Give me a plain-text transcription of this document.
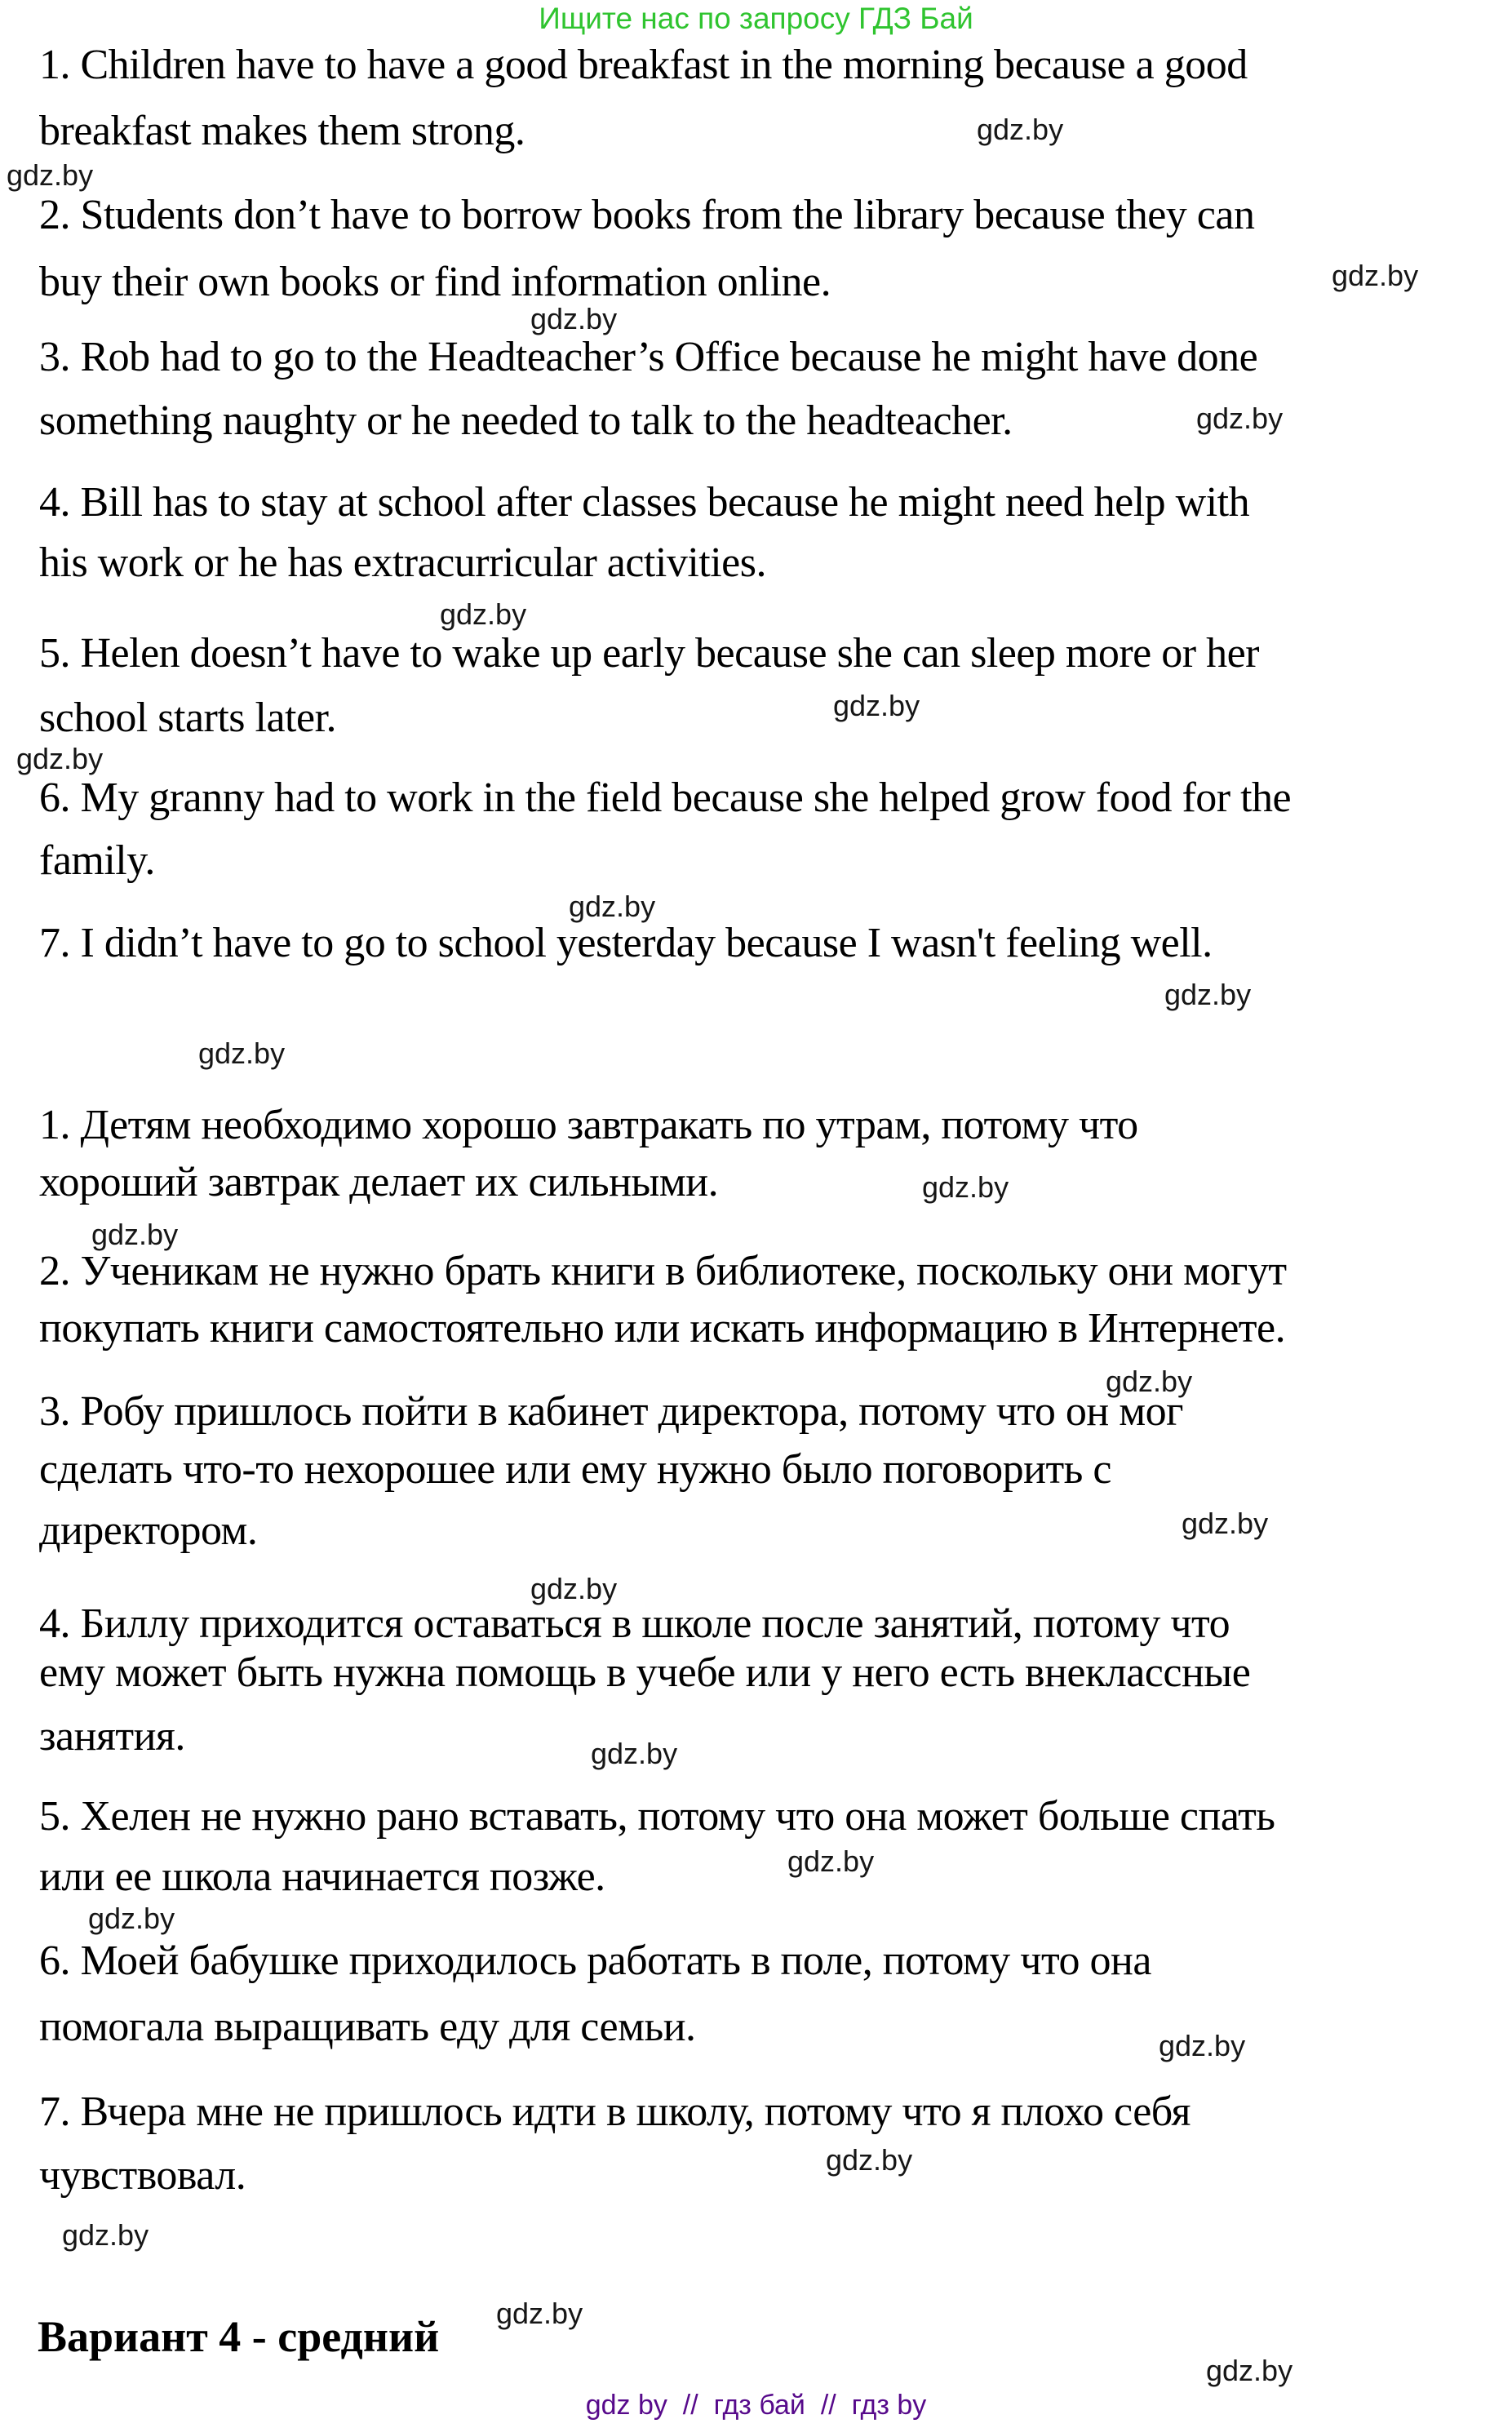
Ищите нас по запросу ГДЗ Бай
1. Children have to have a good breakfast in the morning because a good
breakfast makes them strong.
2. Students don’t have to borrow books from the library because they can
buy their own books or find information online.
3. Rob had to go to the Headteacher’s Office because he might have done
something naughty or he needed to talk to the headteacher.
4. Bill has to stay at school after classes because he might need help with
his work or he has extracurricular activities.
5. Helen doesn’t have to wake up early because she can sleep more or her
school starts later.
6. My granny had to work in the field because she helped grow food for the
family.
7. I didn’t have to go to school yesterday because I wasn't feeling well.
1. Детям необходимо хорошо завтракать по утрам, потому что
хороший завтрак делает их сильными.
2. Ученикам не нужно брать книги в библиотеке, поскольку они могут
покупать книги самостоятельно или искать информацию в Интернете.
3. Робу пришлось пойти в кабинет директора, потому что он мог
сделать что-то нехорошее или ему нужно было поговорить с
директором.
4. Биллу приходится оставаться в школе после занятий, потому что
ему может быть нужна помощь в учебе или у него есть внеклассные
занятия.
5. Хелен не нужно рано вставать, потому что она может больше спать
или ее школа начинается позже.
6. Моей бабушке приходилось работать в поле, потому что она
помогала выращивать еду для семьи.
7. Вчера мне не пришлось идти в школу, потому что я плохо себя
чувствовал.
gdz.by
gdz.by
gdz.by
gdz.by
gdz.by
gdz.by
gdz.by
gdz.by
gdz.by
gdz.by
gdz.by
gdz.by
gdz.by
gdz.by
gdz.by
gdz.by
gdz.by
gdz.by
gdz.by
gdz.by
gdz.by
gdz.by
gdz.by
gdz.by
Вариант 4 - средний
gdz by  //  гдз бай  //  гдз by
